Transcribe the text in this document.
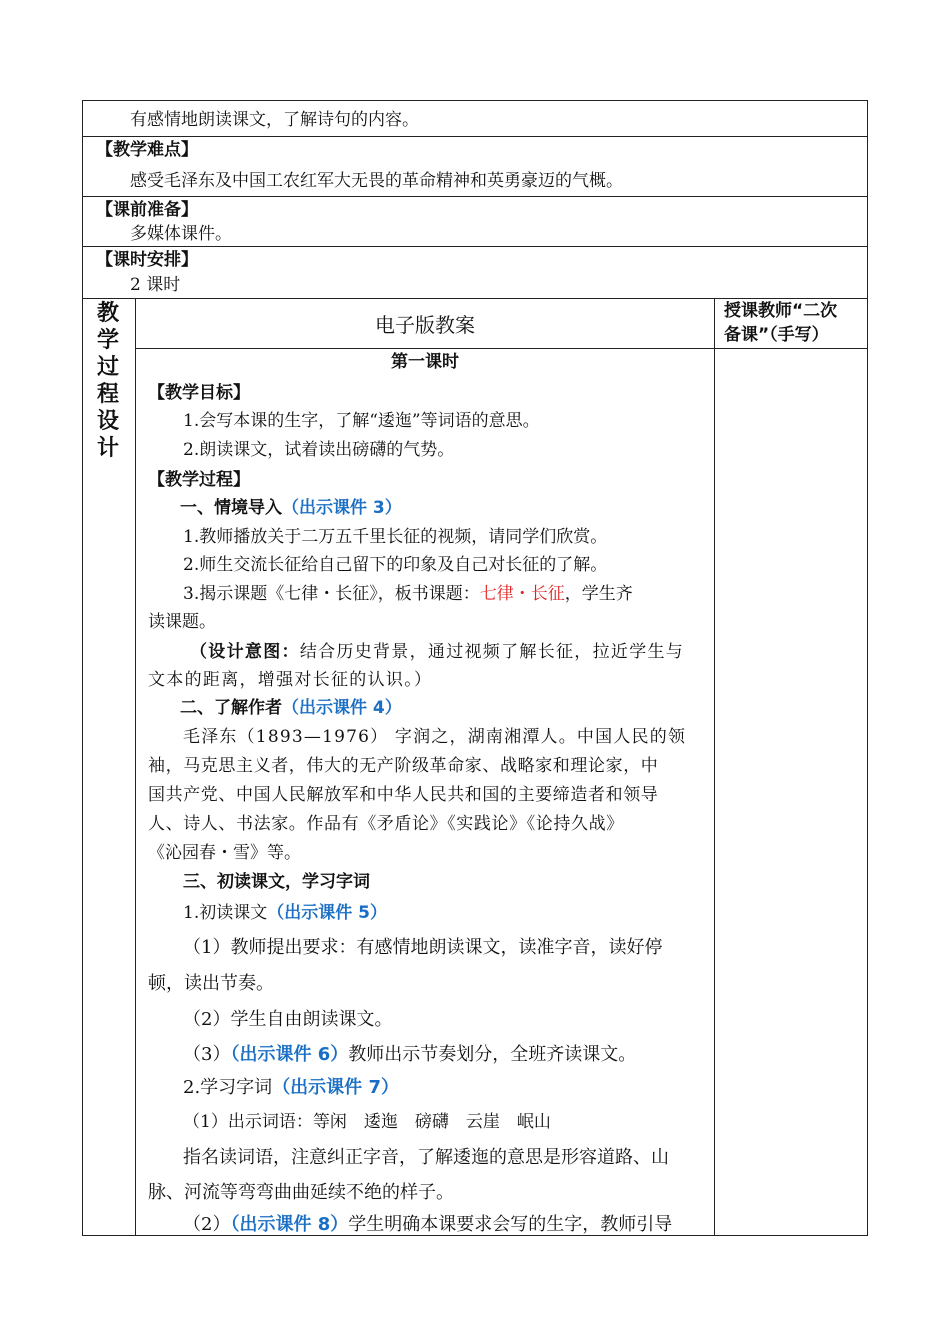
有感情地朗读课文，了解诗句的内容。
【教学难点】
感受毛泽东及中国工农红军大无畏的革命精神和英勇豪迈的气概。
【课前准备】
多媒体课件。
【课时安排】
2 课时
教
学
过
程
设
计
电子版教案
授课教师“二次
备课”（手写）
第一课时
【教学目标】
1.会写本课的生字，了解“逶迤”等词语的意思。
2.朗读课文，试着读出磅礴的气势。
【教学过程】
一、情境导入（出示课件 3）
1.教师播放关于二万五千里长征的视频，请同学们欣赏。
2.师生交流长征给自己留下的印象及自己对长征的了解。
3.揭示课题《七律・长征》，板书课题：七律・长征，学生齐
读课题。
（设计意图：结合历史背景，通过视频了解长征，拉近学生与
文本的距离，增强对长征的认识。）
二、了解作者（出示课件 4）
毛泽东（1893—1976） 字润之，湖南湘潭人。中国人民的领
袖，马克思主义者，伟大的无产阶级革命家、战略家和理论家，中
国共产党、中国人民解放军和中华人民共和国的主要缔造者和领导
人、诗人、书法家。作品有《矛盾论》《实践论》《论持久战》
《沁园春・雪》等。
三、初读课文，学习字词
1.初读课文（出示课件 5）
（1）教师提出要求：有感情地朗读课文，读准字音，读好停
顿，读出节奏。
（2）学生自由朗读课文。
（3）（出示课件 6）教师出示节奏划分，全班齐读课文。
2.学习字词（出示课件 7）
（1）出示词语：等闲　逶迤　磅礴　云崖　岷山
指名读词语，注意纠正字音，了解逶迤的意思是形容道路、山
脉、河流等弯弯曲曲延续不绝的样子。
（2）（出示课件 8）学生明确本课要求会写的生字，教师引导
